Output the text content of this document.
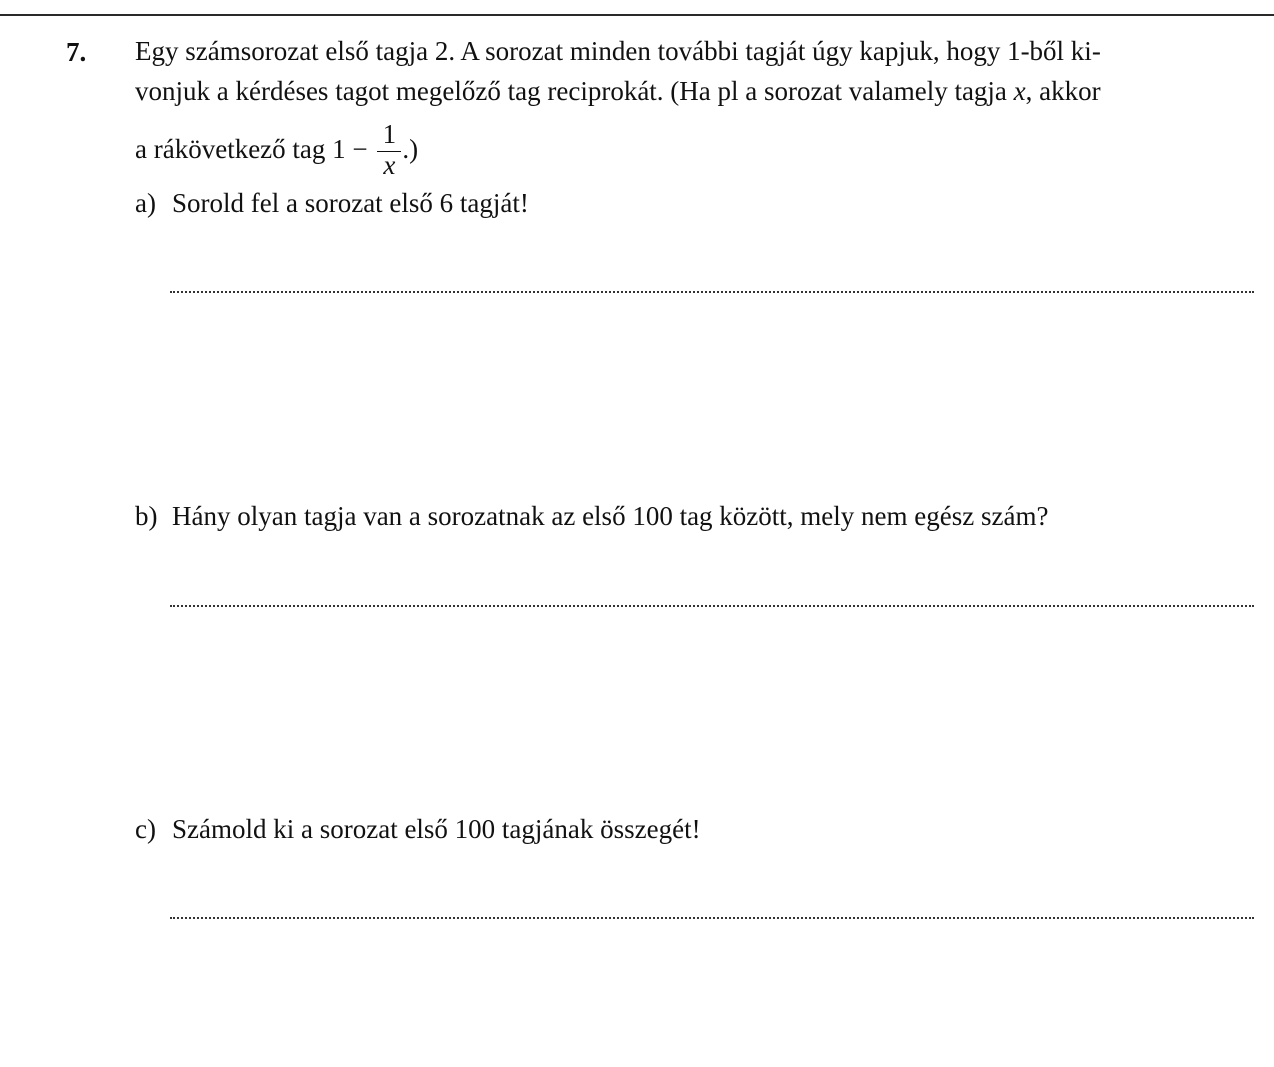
7. Egy számsorozat első tagja 2. A sorozat minden további tagját úgy kapjuk, hogy 1-ből ki-
vonjuk a kérdéses tagot megelőző tag reciprokát. (Ha pl a sorozat valamely tagja x, akkor
a rákövetkező tag $1 - \frac{1}{x}$ .)
a) Sorold fel a sorozat első 6 tagját!
b) Hány olyan tagja van a sorozatnak az első 100 tag között, mely nem egész szám?
c) Számold ki a sorozat első 100 tagjának összegét!
